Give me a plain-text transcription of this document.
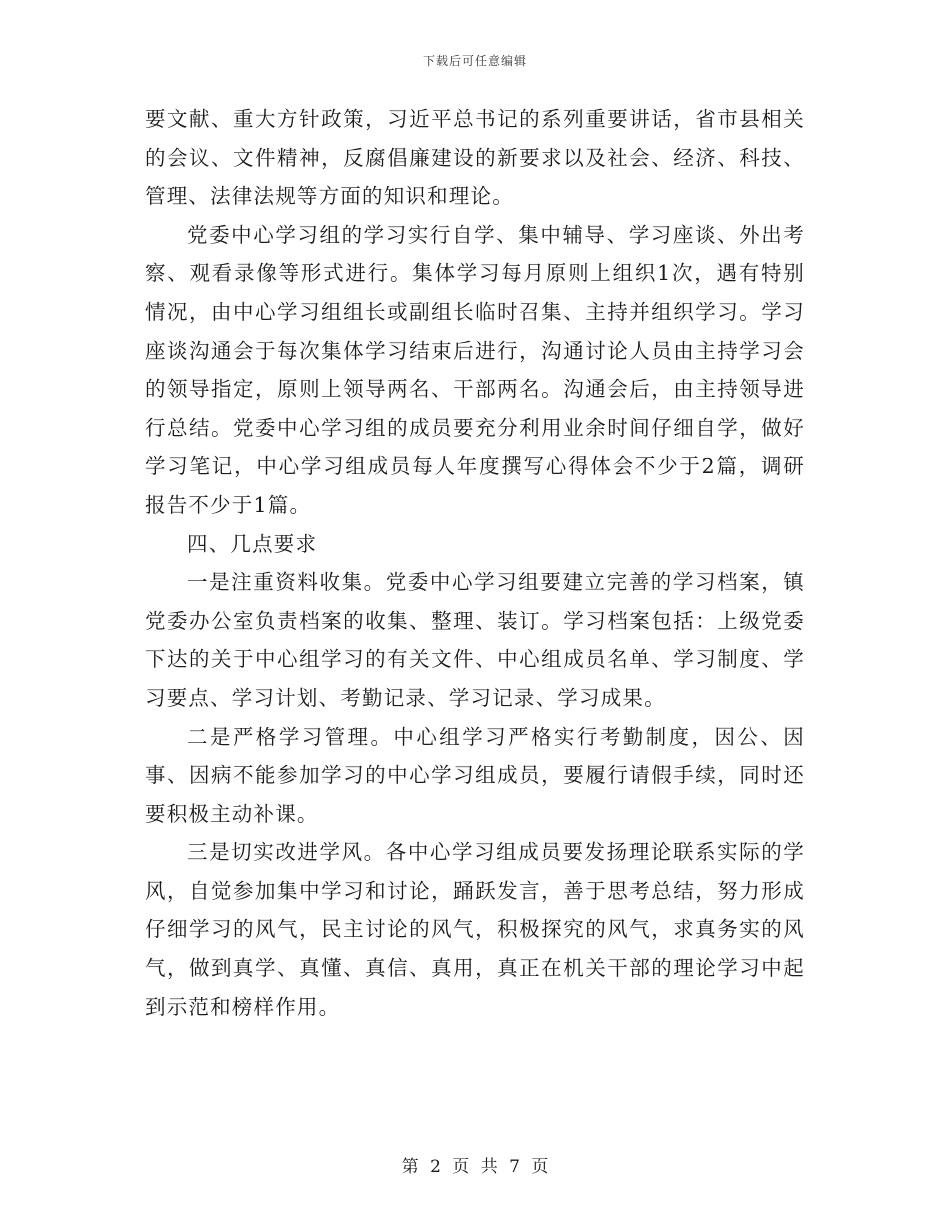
下载后可任意编辑

要文献、重大方针政策，习近平总书记的系列重要讲话，省市县相关的会议、文件精神，反腐倡廉建设的新要求以及社会、经济、科技、管理、法律法规等方面的知识和理论。

党委中心学习组的学习实行自学、集中辅导、学习座谈、外出考察、观看录像等形式进行。集体学习每月原则上组织1次，遇有特别情况，由中心学习组组长或副组长临时召集、主持并组织学习。学习座谈沟通会于每次集体学习结束后进行，沟通讨论人员由主持学习会的领导指定，原则上领导两名、干部两名。沟通会后，由主持领导进行总结。党委中心学习组的成员要充分利用业余时间仔细自学，做好学习笔记，中心学习组成员每人年度撰写心得体会不少于2篇，调研报告不少于1篇。

四、几点要求

一是注重资料收集。党委中心学习组要建立完善的学习档案，镇党委办公室负责档案的收集、整理、装订。学习档案包括：上级党委下达的关于中心组学习的有关文件、中心组成员名单、学习制度、学习要点、学习计划、考勤记录、学习记录、学习成果。

二是严格学习管理。中心组学习严格实行考勤制度，因公、因事、因病不能参加学习的中心学习组成员，要履行请假手续，同时还要积极主动补课。

三是切实改进学风。各中心学习组成员要发扬理论联系实际的学风，自觉参加集中学习和讨论，踊跃发言，善于思考总结，努力形成仔细学习的风气，民主讨论的风气，积极探究的风气，求真务实的风气，做到真学、真懂、真信、真用，真正在机关干部的理论学习中起到示范和榜样作用。

第 2 页 共 7 页
